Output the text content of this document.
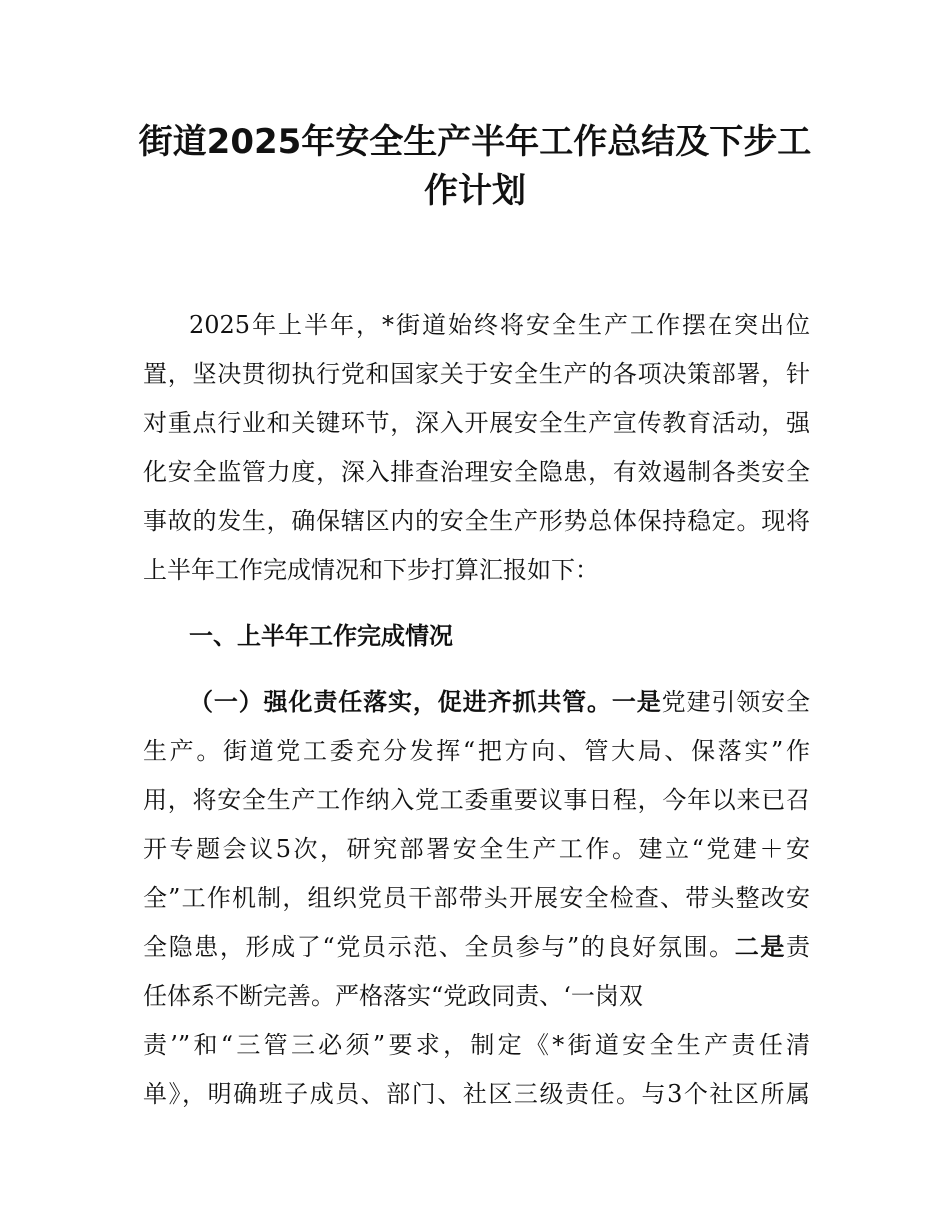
街道2025年安全生产半年工作总结及下步工
作计划

2025年上半年，*街道始终将安全生产工作摆在突出位

置，坚决贯彻执行党和国家关于安全生产的各项决策部署，针

对重点行业和关键环节，深入开展安全生产宣传教育活动，强

化安全监管力度，深入排查治理安全隐患，有效遏制各类安全

事故的发生，确保辖区内的安全生产形势总体保持稳定。现将

上半年工作完成情况和下步打算汇报如下：

一、上半年工作完成情况

（一）强化责任落实，促进齐抓共管。一是党建引领安全

生产。街道党工委充分发挥“把方向、管大局、保落实”作

用，将安全生产工作纳入党工委重要议事日程，今年以来已召

开专题会议5次，研究部署安全生产工作。建立“党建＋安

全”工作机制，组织党员干部带头开展安全检查、带头整改安

全隐患，形成了“党员示范、全员参与”的良好氛围。二是责

任体系不断完善。严格落实“党政同责、‘一岗双

责’”和“三管三必须”要求，制定《*街道安全生产责任清

单》，明确班子成员、部门、社区三级责任。与3个社区所属
